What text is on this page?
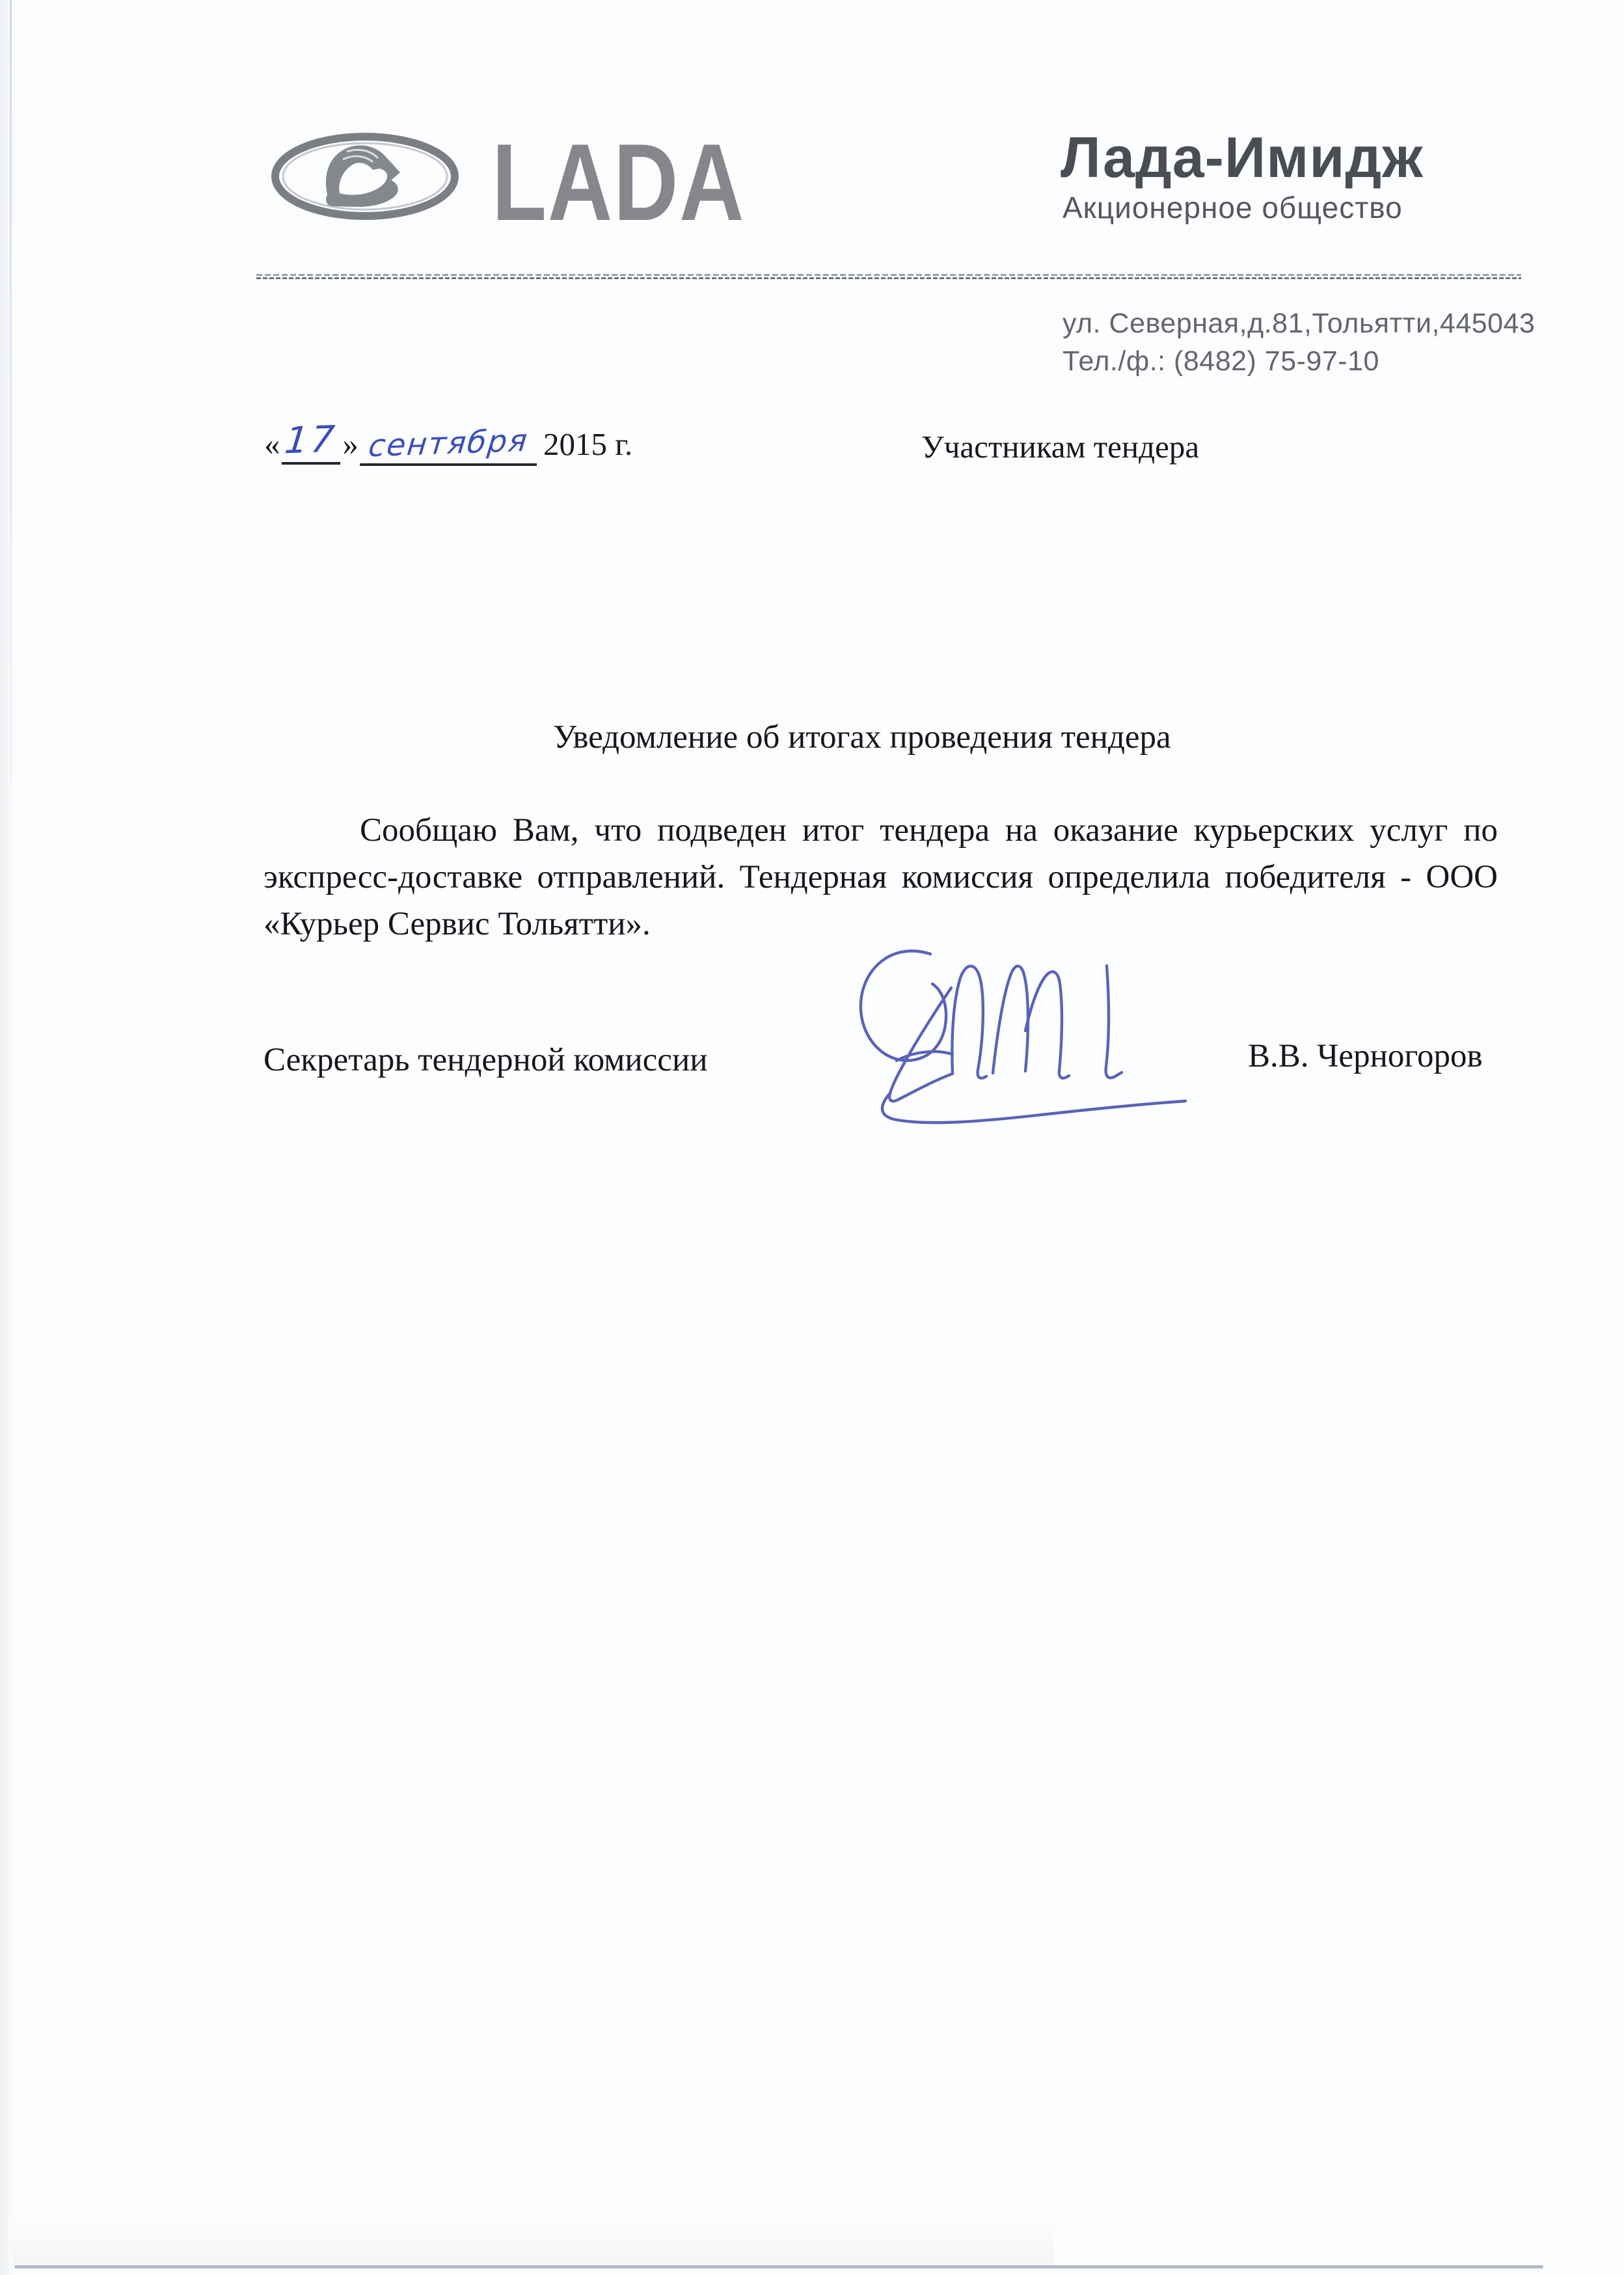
LADA	Лада-Имидж
Акционерное общество
ул. Северная,д.81,Тольятти,445043
Тел./ф.: (8482) 75-97-10
«17 » сентября 2015 г.	Участникам тендера
Уведомление об итогах проведения тендера
Сообщаю Вам, что подведен итог тендера на оказание курьерских услуг по экспресс-доставке отправлений. Тендерная комиссия определила победителя - ООО «Курьер Сервис Тольятти».
Секретарь тендерной комиссии	В.В. Черногоров
